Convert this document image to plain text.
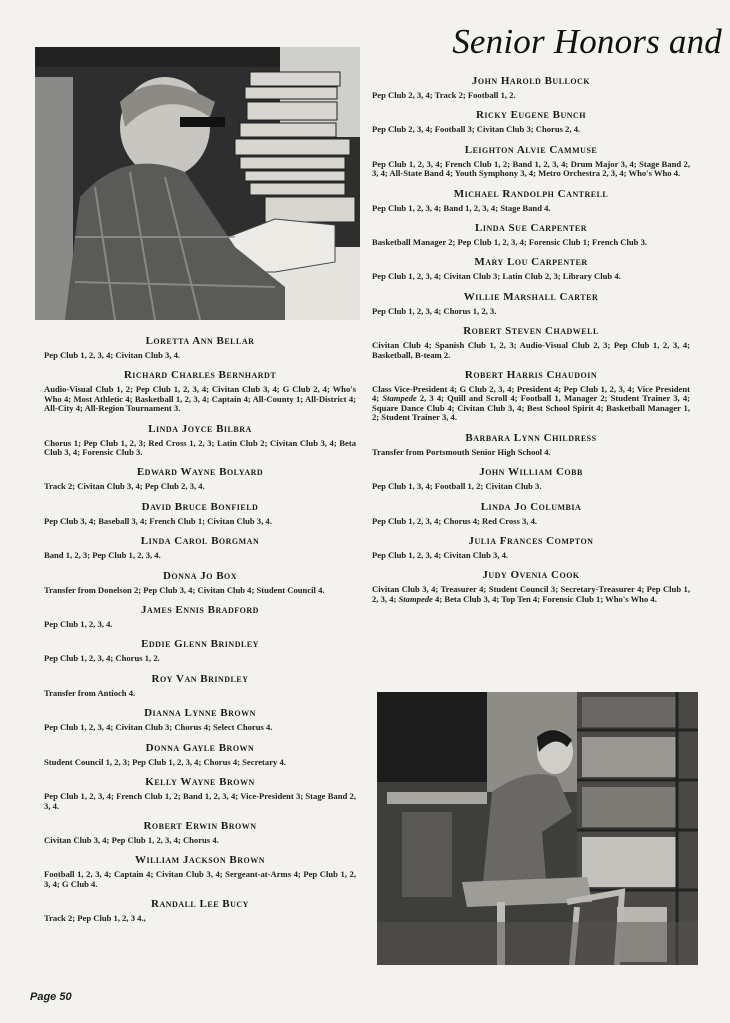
Senior Honors and
Loretta Ann Bellar
Pep Club 1, 2, 3, 4; Civitan Club 3, 4.
Richard Charles Bernhardt
Audio-Visual Club 1, 2; Pep Club 1, 2, 3, 4; Civitan Club 3, 4; G Club 2, 4; Who's Who 4; Most Athletic 4; Basketball 1, 2, 3, 4; Captain 4; All-County 1; All-District 4; All-City 4; All-Region Tournament 3.
Linda Joyce Bilbra
Chorus 1; Pep Club 1, 2, 3; Red Cross 1, 2, 3; Latin Club 2; Civitan Club 3, 4; Beta Club 3, 4; Forensic Club 3.
Edward Wayne Bolyard
Track 2; Civitan Club 3, 4; Pep Club 2, 3, 4.
David Bruce Bonfield
Pep Club 3, 4; Baseball 3, 4; French Club 1; Civitan Club 3, 4.
Linda Carol Borgman
Band 1, 2, 3; Pep Club 1, 2, 3, 4.
Donna Jo Box
Transfer from Donelson 2; Pep Club 3, 4; Civitan Club 4; Student Council 4.
James Ennis Bradford
Pep Club 1, 2, 3, 4.
Eddie Glenn Brindley
Pep Club 1, 2, 3, 4; Chorus 1, 2.
Roy Van Brindley
Transfer from Antioch 4.
Dianna Lynne Brown
Pep Club 1, 2, 3, 4; Civitan Club 3; Chorus 4; Select Chorus 4.
Donna Gayle Brown
Student Council 1, 2, 3; Pep Club 1, 2, 3, 4; Chorus 4; Secretary 4.
Kelly Wayne Brown
Pep Club 1, 2, 3, 4; French Club 1, 2; Band 1, 2, 3, 4; Vice-President 3; Stage Band 2, 3, 4.
Robert Erwin Brown
Civitan Club 3, 4; Pep Club 1, 2, 3, 4; Chorus 4.
William Jackson Brown
Football 1, 2, 3, 4; Captain 4; Civitan Club 3, 4; Sergeant-at-Arms 4; Pep Club 1, 2, 3, 4; G Club 4.
Randall Lee Bucy
Track 2; Pep Club 1, 2, 3 4.,
John Harold Bullock
Pep Club 2, 3, 4; Track 2; Football 1, 2.
Ricky Eugene Bunch
Pep Club 2, 3, 4; Football 3; Civitan Club 3; Chorus 2, 4.
Leighton Alvie Cammuse
Pep Club 1, 2, 3, 4; French Club 1, 2; Band 1, 2, 3, 4; Drum Major 3, 4; Stage Band 2, 3, 4; All-State Band 4; Youth Symphony 3, 4; Metro Orchestra 2, 3, 4; Who's Who 4.
Michael Randolph Cantrell
Pep Club 1, 2, 3, 4; Band 1, 2, 3, 4; Stage Band 4.
Linda Sue Carpenter
Basketball Manager 2; Pep Club 1, 2, 3, 4; Forensic Club 1; French Club 3.
Mary Lou Carpenter
Pep Club 1, 2, 3, 4; Civitan Club 3; Latin Club 2, 3; Library Club 4.
Willie Marshall Carter
Pep Club 1, 2, 3, 4; Chorus 1, 2, 3.
Robert Steven Chadwell
Civitan Club 4; Spanish Club 1, 2, 3; Audio-Visual Club 2, 3; Pep Club 1, 2, 3, 4; Basketball, B-team 2.
Robert Harris Chaudoin
Class Vice-President 4; G Club 2, 3, 4; President 4; Pep Club 1, 2, 3, 4; Vice President 4; Stampede 2, 3 4; Quill and Scroll 4; Football 1, Manager 2; Student Trainer 3, 4; Square Dance Club 4; Civitan Club 3, 4; Best School Spirit 4; Basketball Manager 1, 2; Student Trainer 3, 4.
Barbara Lynn Childress
Transfer from Portsmouth Senior High School 4.
John William Cobb
Pep Club 1, 3, 4; Football 1, 2; Civitan Club 3.
Linda Jo Columbia
Pep Club 1, 2, 3, 4; Chorus 4; Red Cross 3, 4.
Julia Frances Compton
Pep Club 1, 2, 3, 4; Civitan Club 3, 4.
Judy Ovenia Cook
Civitan Club 3, 4; Treasurer 4; Student Council 3; Secretary-Treasurer 4; Pep Club 1, 2, 3, 4; Stampede 4; Beta Club 3, 4; Top Ten 4; Forensic Club 1; Who's Who 4.
Page 50
